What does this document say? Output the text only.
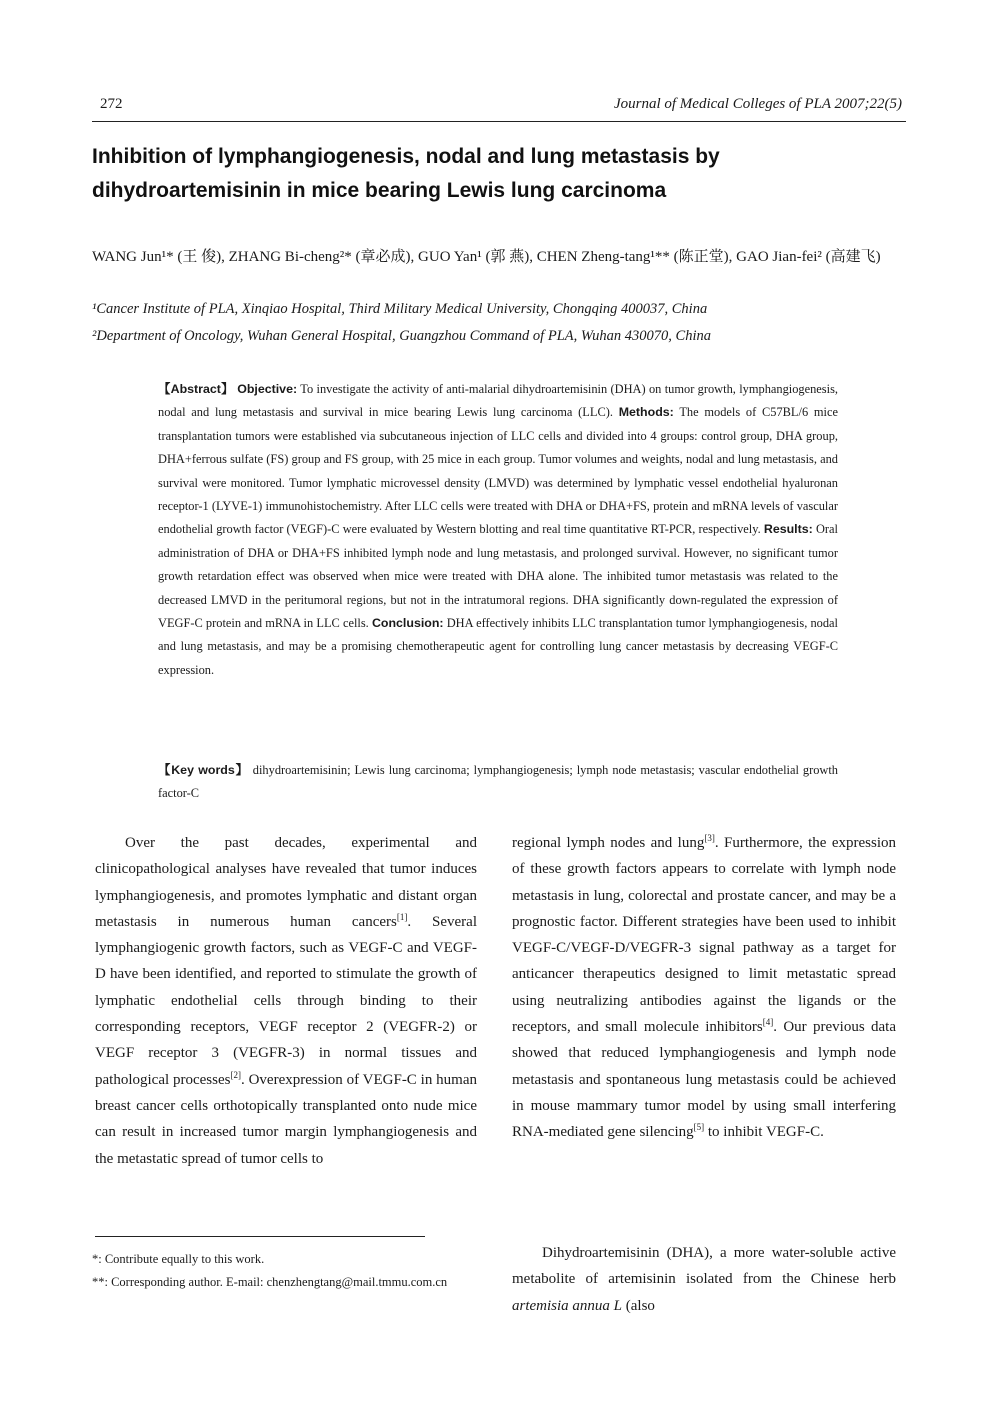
272	Journal of Medical Colleges of PLA 2007;22(5)
Inhibition of lymphangiogenesis, nodal and lung metastasis by dihydroartemisinin in mice bearing Lewis lung carcinoma
WANG Jun¹* (王 俊), ZHANG Bi-cheng²* (章必成), GUO Yan¹ (郭 燕), CHEN Zheng-tang¹** (陈正堂), GAO Jian-fei² (高建飞)
¹Cancer Institute of PLA, Xinqiao Hospital, Third Military Medical University, Chongqing 400037, China
²Department of Oncology, Wuhan General Hospital, Guangzhou Command of PLA, Wuhan 430070, China
【Abstract】 Objective: To investigate the activity of anti-malarial dihydroartemisinin (DHA) on tumor growth, lymphangiogenesis, nodal and lung metastasis and survival in mice bearing Lewis lung carcinoma (LLC). Methods: The models of C57BL/6 mice transplantation tumors were established via subcutaneous injection of LLC cells and divided into 4 groups: control group, DHA group, DHA+ferrous sulfate (FS) group and FS group, with 25 mice in each group. Tumor volumes and weights, nodal and lung metastasis, and survival were monitored. Tumor lymphatic microvessel density (LMVD) was determined by lymphatic vessel endothelial hyaluronan receptor-1 (LYVE-1) immunohistochemistry. After LLC cells were treated with DHA or DHA+FS, protein and mRNA levels of vascular endothelial growth factor (VEGF)-C were evaluated by Western blotting and real time quantitative RT-PCR, respectively. Results: Oral administration of DHA or DHA+FS inhibited lymph node and lung metastasis, and prolonged survival. However, no significant tumor growth retardation effect was observed when mice were treated with DHA alone. The inhibited tumor metastasis was related to the decreased LMVD in the peritumoral regions, but not in the intratumoral regions. DHA significantly down-regulated the expression of VEGF-C protein and mRNA in LLC cells. Conclusion: DHA effectively inhibits LLC transplantation tumor lymphangiogenesis, nodal and lung metastasis, and may be a promising chemotherapeutic agent for controlling lung cancer metastasis by decreasing VEGF-C expression.
【Key words】 dihydroartemisinin; Lewis lung carcinoma; lymphangiogenesis; lymph node metastasis; vascular endothelial growth factor-C

Over the past decades, experimental and clinicopathological analyses have revealed that tumor induces lymphangiogenesis, and promotes lymphatic and distant organ metastasis in numerous human cancers[1]. Several lymphangiogenic growth factors, such as VEGF-C and VEGF-D have been identified, and reported to stimulate the growth of lymphatic endothelial cells through binding to their corresponding receptors, VEGF receptor 2 (VEGFR-2) or VEGF receptor 3 (VEGFR-3) in normal tissues and pathological processes[2]. Overexpression of VEGF-C in human breast cancer cells orthotopically transplanted onto nude mice can result in increased tumor margin lymphangiogenesis and the metastatic spread of tumor cells to

regional lymph nodes and lung[3]. Furthermore, the expression of these growth factors appears to correlate with lymph node metastasis in lung, colorectal and prostate cancer, and may be a prognostic factor. Different strategies have been used to inhibit VEGF-C/VEGF-D/VEGFR-3 signal pathway as a target for anticancer therapeutics designed to limit metastatic spread using neutralizing antibodies against the ligands or the receptors, and small molecule inhibitors[4]. Our previous data showed that reduced lymphangiogenesis and lymph node metastasis and spontaneous lung metastasis could be achieved in mouse mammary tumor model by using small interfering RNA-mediated gene silencing[5] to inhibit VEGF-C.

Dihydroartemisinin (DHA), a more water-soluble active metabolite of artemisinin isolated from the Chinese herb artemisia annua L (also

*: Contribute equally to this work.
**: Corresponding author. E-mail: chenzhengtang@mail.tmmu.com.cn
